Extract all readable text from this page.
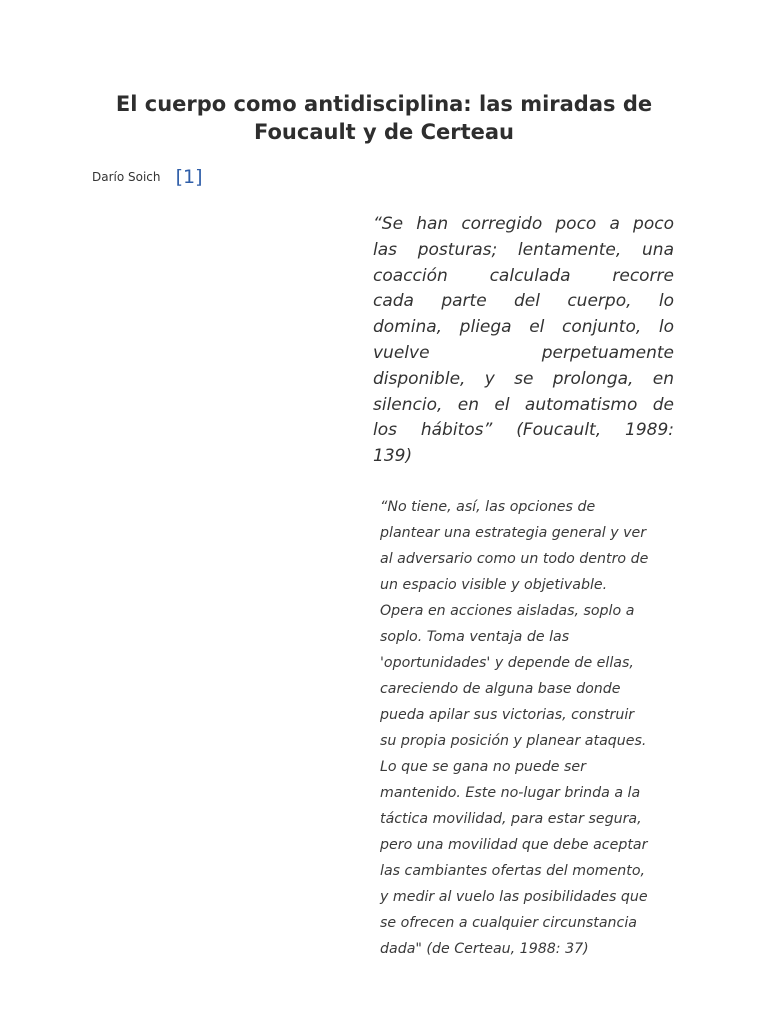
El cuerpo como antidisciplina: las miradas de
Foucault y de Certeau
Darío Soich [1]
“Se han corregido poco a poco
las posturas; lentamente, una
coacción calculada recorre
cada parte del cuerpo, lo
domina, pliega el conjunto, lo
vuelve perpetuamente
disponible, y se prolonga, en
silencio, en el automatismo de
los hábitos” (Foucault, 1989:
139)
“No tiene, así, las opciones de
plantear una estrategia general y ver
al adversario como un todo dentro de
un espacio visible y objetivable.
Opera en acciones aisladas, soplo a
soplo. Toma ventaja de las
'oportunidades' y depende de ellas,
careciendo de alguna base donde
pueda apilar sus victorias, construir
su propia posición y planear ataques.
Lo que se gana no puede ser
mantenido. Este no-lugar brinda a la
táctica movilidad, para estar segura,
pero una movilidad que debe aceptar
las cambiantes ofertas del momento,
y medir al vuelo las posibilidades que
se ofrecen a cualquier circunstancia
dada" (de Certeau, 1988: 37)
